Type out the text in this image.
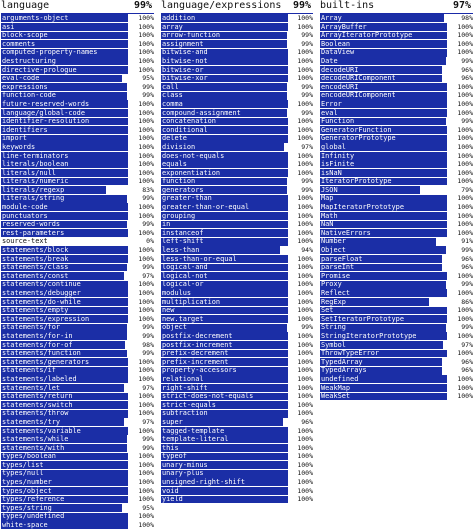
language	99%
arguments-object	100%
asi	100%
block-scope	100%
comments	100%
computed-property-names	100%
destructuring	100%
directive-prologue	100%
eval-code	95%
expressions	99%
function-code	99%
future-reserved-words	100%
language/global-code	100%
identifier-resolution	100%
identifiers	100%
import	100%
keywords	100%
line-terminators	100%
literals/boolean	100%
literals/null	100%
literals/numeric	100%
literals/regexp	83%
literals/string	99%
module-code	100%
punctuators	100%
reserved-words	99%
rest-parameters	100%
source-text	0%
statements/block	100%
statements/break	100%
statements/class	99%
statements/const	97%
statements/continue	100%
statements/debugger	100%
statements/do-while	100%
statements/empty	100%
statements/expression	100%
statements/for	99%
statements/for-in	99%
statements/for-of	98%
statements/function	99%
statements/generators	100%
statements/if	100%
statements/labeled	100%
statements/let	97%
statements/return	100%
statements/switch	100%
statements/throw	100%
statements/try	97%
statements/variable	100%
statements/while	99%
statements/with	99%
types/boolean	100%
types/list	100%
types/null	100%
types/number	100%
types/object	100%
types/reference	100%
types/string	95%
types/undefined	100%
white-space	100%
language/expressions 99%
addition	100%
array	100%
arrow-function	99%
assignment	99%
bitwise-and	100%
bitwise-not	100%
bitwise-or	100%
bitwise-xor	100%
call	99%
class	99%
comma	100%
compound-assignment	99%
concatenation	100%
conditional	100%
delete	100%
division	97%
does-not-equals	100%
equals	100%
exponentiation	100%
function	99%
generators	99%
greater-than	100%
greater-than-or-equal	100%
grouping	100%
in	100%
instanceof	100%
left-shift	100%
less-than	94%
less-than-or-equal	100%
logical-and	100%
logical-not	100%
logical-or	100%
modulus	100%
multiplication	100%
new	100%
new.target	100%
object	99%
postfix-decrement	100%
postfix-increment	100%
prefix-decrement	100%
prefix-increment	100%
property-accessors	100%
relational	100%
right-shift	100%
strict-does-not-equals	100%
strict-equals	100%
subtraction	100%
super	96%
tagged-template	100%
template-literal	100%
this	100%
typeof	100%
unary-minus	100%
unary-plus	100%
unsigned-right-shift	100%
void	100%
yield	100%
built-ins	97%
Array	98%
ArrayBuffer	100%
ArrayIteratorPrototype	100%
Boolean	100%
DataView	100%
Date	99%
decodeURI	96%
decodeURIComponent	96%
encodeURI	100%
encodeURIComponent	100%
Error	100%
eval	100%
Function	99%
GeneratorFunction	100%
GeneratorPrototype	100%
global	100%
Infinity	100%
isFinite	100%
isNaN	100%
IteratorPrototype	100%
JSON	79%
Map	100%
MapIteratorPrototype	100%
Math	100%
NaN	100%
NativeErrors	100%
Number	91%
Object	99%
parseFloat	96%
parseInt	96%
Promise	100%
Proxy	99%
Reflect	100%
RegExp	86%
Set	100%
SetIteratorPrototype	100%
String	99%
StringIteratorPrototype	100%
Symbol	97%
ThrowTypeError	100%
TypedArray	96%
TypedArrays	96%
undefined	100%
WeakMap	100%
WeakSet	100%
